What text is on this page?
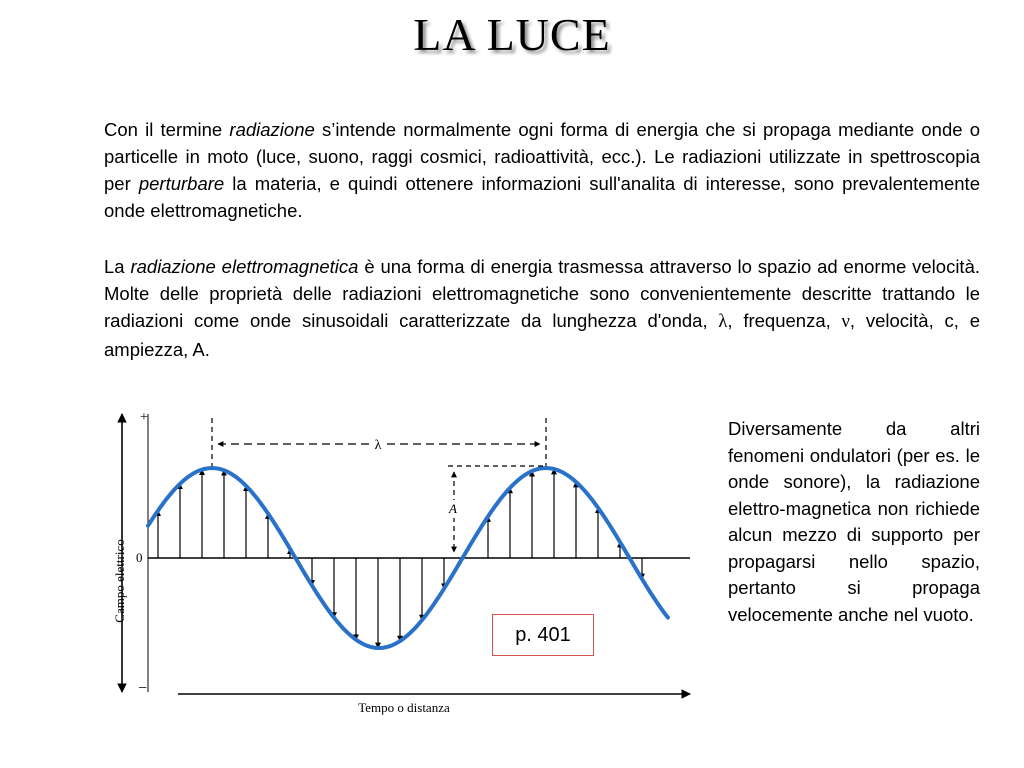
LA LUCE
Con il termine radiazione s’intende normalmente ogni forma di energia che si propaga mediante onde o particelle in moto (luce, suono, raggi cosmici, radioattività, ecc.). Le radiazioni utilizzate in spettroscopia per perturbare la materia, e quindi ottenere informazioni sull'analita di interesse, sono prevalentemente onde elettromagnetiche.
La radiazione elettromagnetica è una forma di energia trasmessa attraverso lo spazio ad enorme velocità. Molte delle proprietà delle radiazioni elettromagnetiche sono convenientemente descritte trattando le radiazioni come onde sinusoidali caratterizzate da lunghezza d'onda, λ, frequenza, ν, velocità, c, e ampiezza, A.
+
−
0
Campo elettrico
λ
A
Tempo o distanza
p. 401
Diversamente da altri fenomeni ondulatori (per es. le onde sonore), la radiazione elettro-magnetica non richiede alcun mezzo di supporto per propagarsi nello spazio, pertanto si propaga velocemente anche nel vuoto.
